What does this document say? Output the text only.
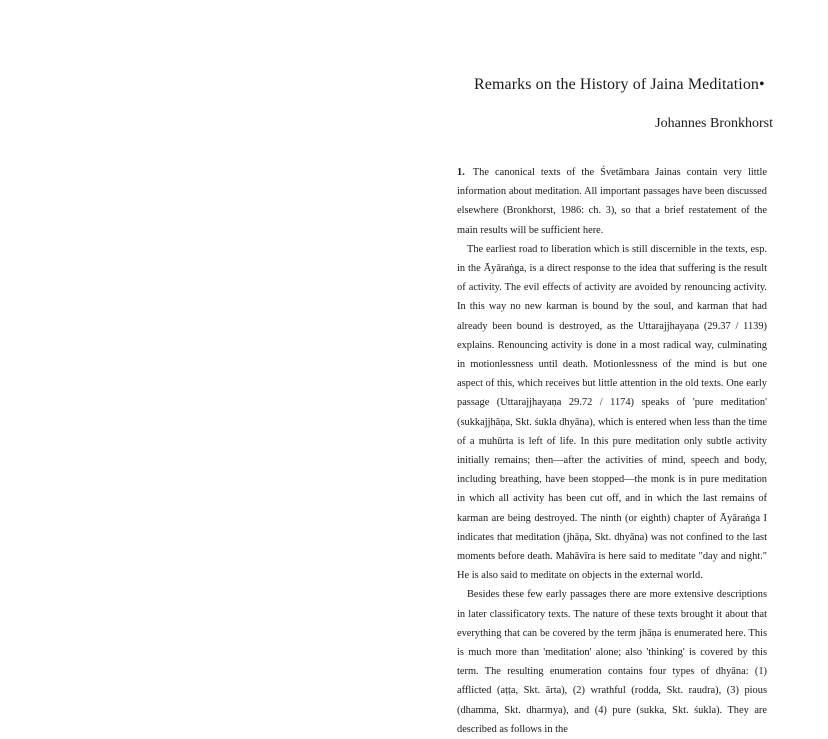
Remarks on the History of Jaina Meditation•
Johannes Bronkhorst

1. The canonical texts of the Śvetāmbara Jainas contain very little information about meditation. All important passages have been discussed elsewhere (Bronkhorst, 1986: ch. 3), so that a brief restatement of the main results will be sufficient here.

The earliest road to liberation which is still discernible in the texts, esp. in the Āyāraṅga, is a direct response to the idea that suffering is the result of activity. The evil effects of activity are avoided by renouncing activity. In this way no new karman is bound by the soul, and karman that had already been bound is destroyed, as the Uttarajjhayaṇa (29.37 / 1139) explains. Renouncing activity is done in a most radical way, culminating in motionlessness until death. Motionlessness of the mind is but one aspect of this, which receives but little attention in the old texts. One early passage (Uttarajjhayaṇa 29.72 / 1174) speaks of 'pure meditation' (sukkajjhāṇa, Skt. śukla dhyāna), which is entered when less than the time of a muhūrta is left of life. In this pure meditation only subtle activity initially remains; then—after the activities of mind, speech and body, including breathing, have been stopped—the monk is in pure meditation in which all activity has been cut off, and in which the last remains of karman are being destroyed. The ninth (or eighth) chapter of Āyāraṅga I indicates that meditation (jhāṇa, Skt. dhyāna) was not confined to the last moments before death. Mahāvīra is here said to meditate "day and night." He is also said to meditate on objects in the external world.

Besides these few early passages there are more extensive descriptions in later classificatory texts. The nature of these texts brought it about that everything that can be covered by the term jhāṇa is enumerated here. This is much more than 'meditation' alone; also 'thinking' is covered by this term. The resulting enumeration contains four types of dhyāna: (1) afflicted (aṭṭa, Skt. ārta), (2) wrathful (rodda, Skt. raudra), (3) pious (dhamma, Skt. dharmya), and (4) pure (sukka, Skt. śukla). They are described as follows in the
